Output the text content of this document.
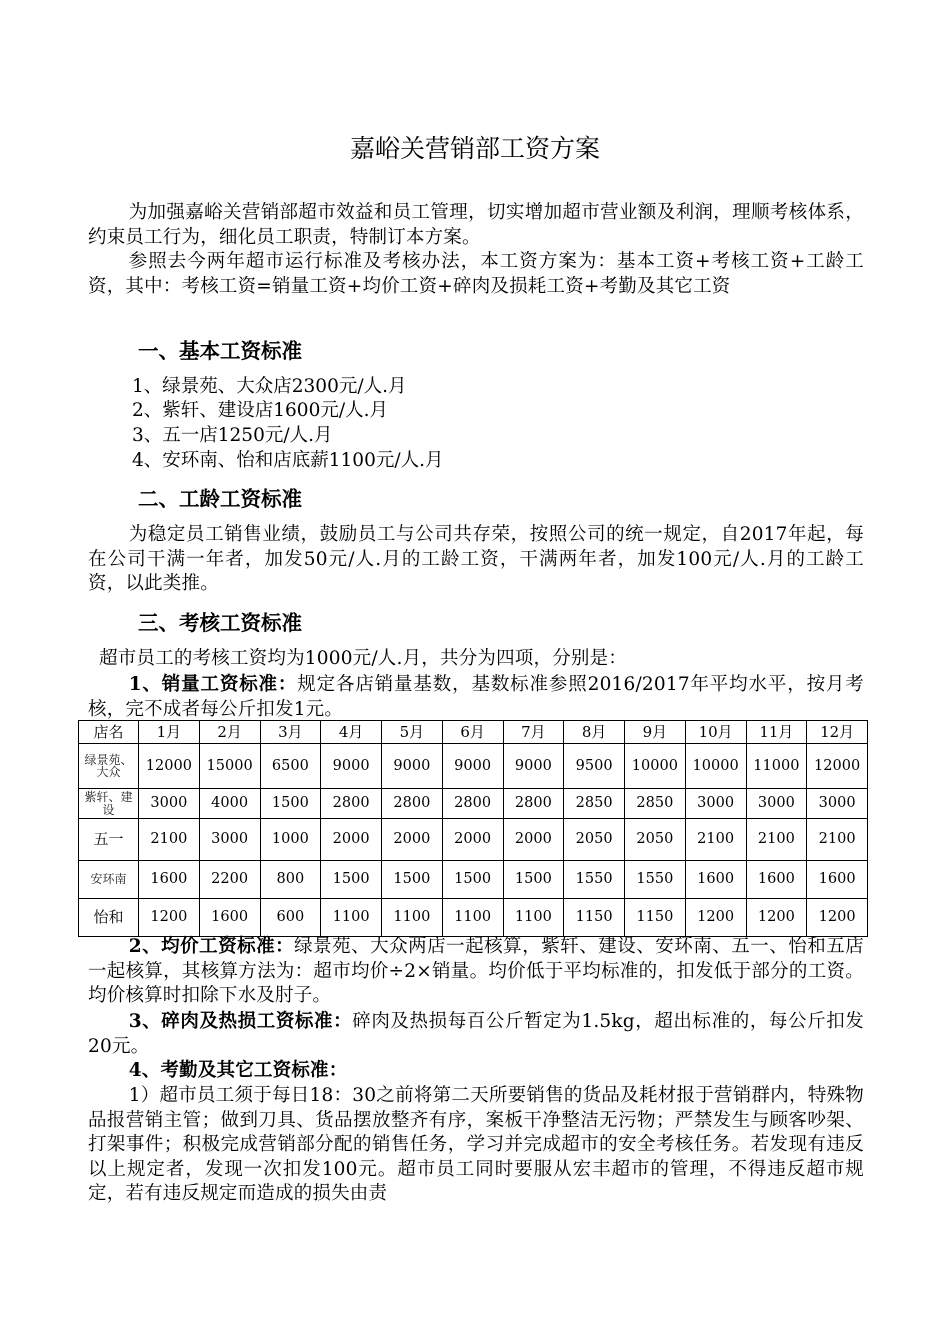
嘉峪关营销部工资方案
为加强嘉峪关营销部超市效益和员工管理，切实增加超市营业额及利润，理顺考核体系，约束员工行为，细化员工职责，特制订本方案。
参照去今两年超市运行标准及考核办法，本工资方案为：基本工资+考核工资+工龄工资，其中：考核工资=销量工资+均价工资+碎肉及损耗工资+考勤及其它工资
一、基本工资标准
1、绿景苑、大众店2300元/人.月
2、紫轩、建设店1600元/人.月
3、五一店1250元/人.月
4、安环南、怡和店底薪1100元/人.月
二、工龄工资标准
为稳定员工销售业绩，鼓励员工与公司共存荣，按照公司的统一规定，自2017年起，每在公司干满一年者，加发50元/人.月的工龄工资，干满两年者，加发100元/人.月的工龄工资，以此类推。
三、考核工资标准
超市员工的考核工资均为1000元/人.月，共分为四项，分别是：
1、销量工资标准：规定各店销量基数，基数标准参照2016/2017年平均水平，按月考核，完不成者每公斤扣发1元。
店名	1月	2月	3月	4月	5月	6月	7月	8月	9月	10月	11月	12月
绿景苑、大众	12000	15000	6500	9000	9000	9000	9000	9500	10000	10000	11000	12000
紫轩、建设	3000	4000	1500	2800	2800	2800	2800	2850	2850	3000	3000	3000
五一	2100	3000	1000	2000	2000	2000	2000	2050	2050	2100	2100	2100
安环南	1600	2200	800	1500	1500	1500	1500	1550	1550	1600	1600	1600
怡和	1200	1600	600	1100	1100	1100	1100	1150	1150	1200	1200	1200
2、均价工资标准：绿景苑、大众两店一起核算，紫轩、建设、安环南、五一、怡和五店一起核算，其核算方法为：超市均价÷2×销量。均价低于平均标准的，扣发低于部分的工资。均价核算时扣除下水及肘子。
3、碎肉及热损工资标准：碎肉及热损每百公斤暂定为1.5kg，超出标准的，每公斤扣发20元。
4、考勤及其它工资标准：
1）超市员工须于每日18：30之前将第二天所要销售的货品及耗材报于营销群内，特殊物品报营销主管；做到刀具、货品摆放整齐有序，案板干净整洁无污物；严禁发生与顾客吵架、打架事件；积极完成营销部分配的销售任务，学习并完成超市的安全考核任务。若发现有违反以上规定者，发现一次扣发100元。超市员工同时要服从宏丰超市的管理，不得违反超市规定，若有违反规定而造成的损失由责
